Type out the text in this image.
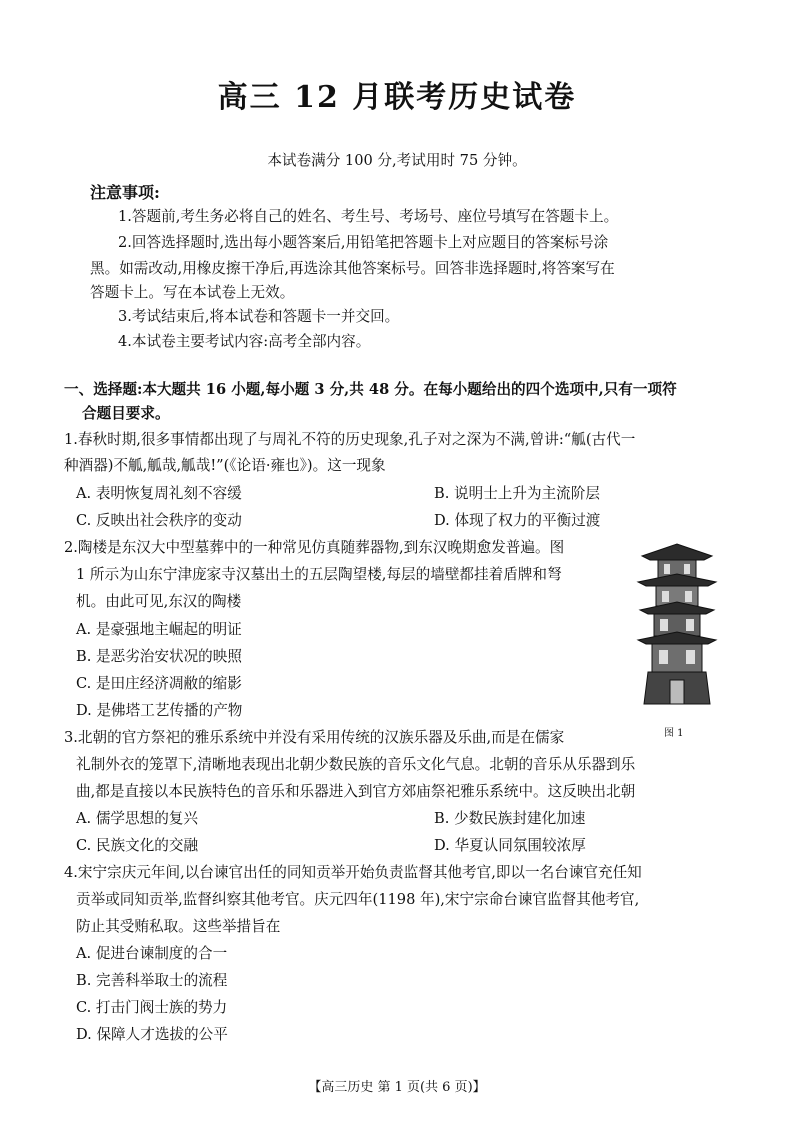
高三 12 月联考历史试卷
本试卷满分 100 分,考试用时 75 分钟。
注意事项:
1.答题前,考生务必将自己的姓名、考生号、考场号、座位号填写在答题卡上。
2.回答选择题时,选出每小题答案后,用铅笔把答题卡上对应题目的答案标号涂
黑。如需改动,用橡皮擦干净后,再选涂其他答案标号。回答非选择题时,将答案写在
答题卡上。写在本试卷上无效。
3.考试结束后,将本试卷和答题卡一并交回。
4.本试卷主要考试内容:高考全部内容。
一、选择题:本大题共 16 小题,每小题 3 分,共 48 分。在每小题给出的四个选项中,只有一项符
合题目要求。
1.春秋时期,很多事情都出现了与周礼不符的历史现象,孔子对之深为不满,曾讲:“觚(古代一
种酒器)不觚,觚哉,觚哉!”(《论语·雍也》)。这一现象
A. 表明恢复周礼刻不容缓	B. 说明士上升为主流阶层
C. 反映出社会秩序的变动	D. 体现了权力的平衡过渡
2.陶楼是东汉大中型墓葬中的一种常见仿真随葬器物,到东汉晚期愈发普遍。图
1 所示为山东宁津庞家寺汉墓出土的五层陶望楼,每层的墙壁都挂着盾牌和弩
机。由此可见,东汉的陶楼
A. 是豪强地主崛起的明证
B. 是恶劣治安状况的映照
C. 是田庄经济凋敝的缩影
D. 是佛塔工艺传播的产物
图 1
3.北朝的官方祭祀的雅乐系统中并没有采用传统的汉族乐器及乐曲,而是在儒家
礼制外衣的笼罩下,清晰地表现出北朝少数民族的音乐文化气息。北朝的音乐从乐器到乐
曲,都是直接以本民族特色的音乐和乐器进入到官方郊庙祭祀雅乐系统中。这反映出北朝
A. 儒学思想的复兴	B. 少数民族封建化加速
C. 民族文化的交融	D. 华夏认同氛围较浓厚
4.宋宁宗庆元年间,以台谏官出任的同知贡举开始负责监督其他考官,即以一名台谏官充任知
贡举或同知贡举,监督纠察其他考官。庆元四年(1198 年),宋宁宗命台谏官监督其他考官,
防止其受贿私取。这些举措旨在
A. 促进台谏制度的合一
B. 完善科举取士的流程
C. 打击门阀士族的势力
D. 保障人才选拔的公平
【高三历史 第 1 页(共 6 页)】
